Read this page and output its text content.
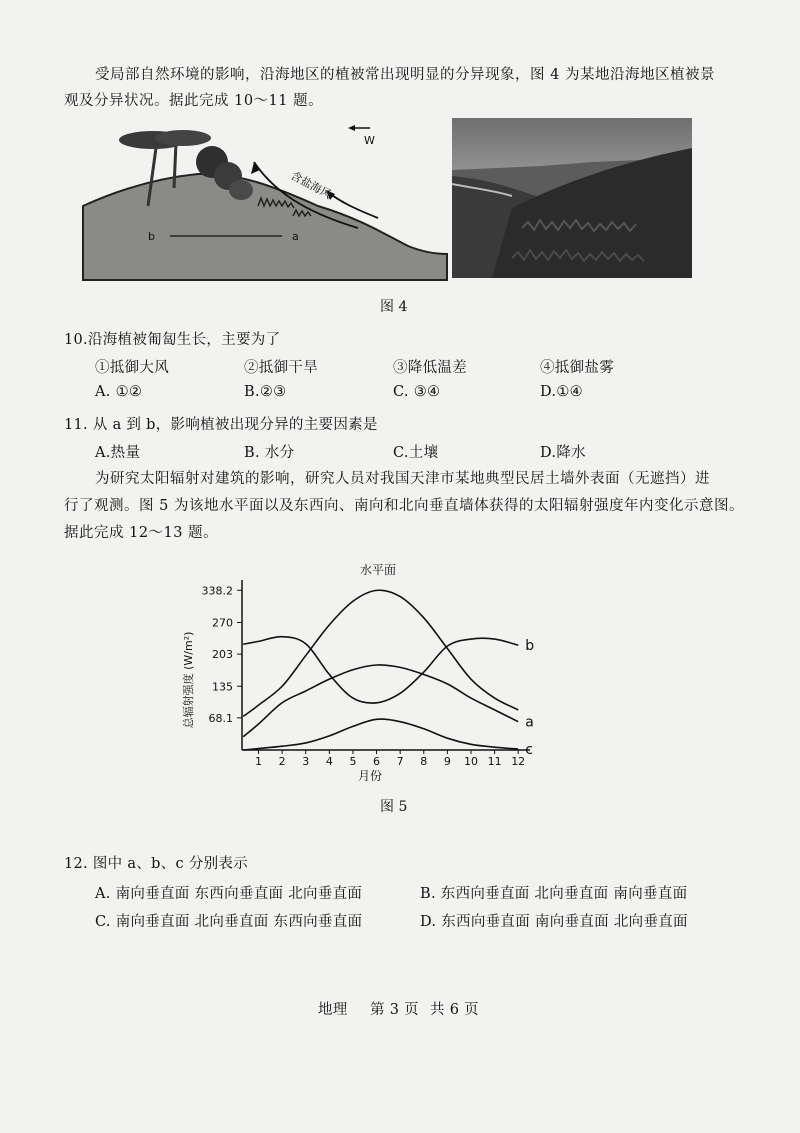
受局部自然环境的影响，沿海地区的植被常出现明显的分异现象，图 4 为某地沿海地区植被景
观及分异状况。据此完成 10～11 题。
含盐海风
W
b	a
图 4
10.沿海植被匍匐生长，主要为了
①抵御大风	②抵御干旱	③降低温差	④抵御盐雾
A. ①②	B.②③	C. ③④	D.①④
11. 从 a 到 b，影响植被出现分异的主要因素是
A.热量	B. 水分	C.土壤	D.降水
为研究太阳辐射对建筑的影响，研究人员对我国天津市某地典型民居土墙外表面（无遮挡）进
行了观测。图 5 为该地水平面以及东西向、南向和北向垂直墙体获得的太阳辐射强度年内变化示意图。
据此完成 12～13 题。
水平面
总辐射强度 (W/m²)
月份
b
a
c
338.2
270
203
135
68.1
1 2 3 4 5 6 7 8 9 10 11 12
图 5
12. 图中 a、b、c 分别表示
A. 南向垂直面 东西向垂直面 北向垂直面	B. 东西向垂直面 北向垂直面 南向垂直面
C. 南向垂直面 北向垂直面 东西向垂直面	D. 东西向垂直面 南向垂直面 北向垂直面
地理 第 3 页 共 6 页
